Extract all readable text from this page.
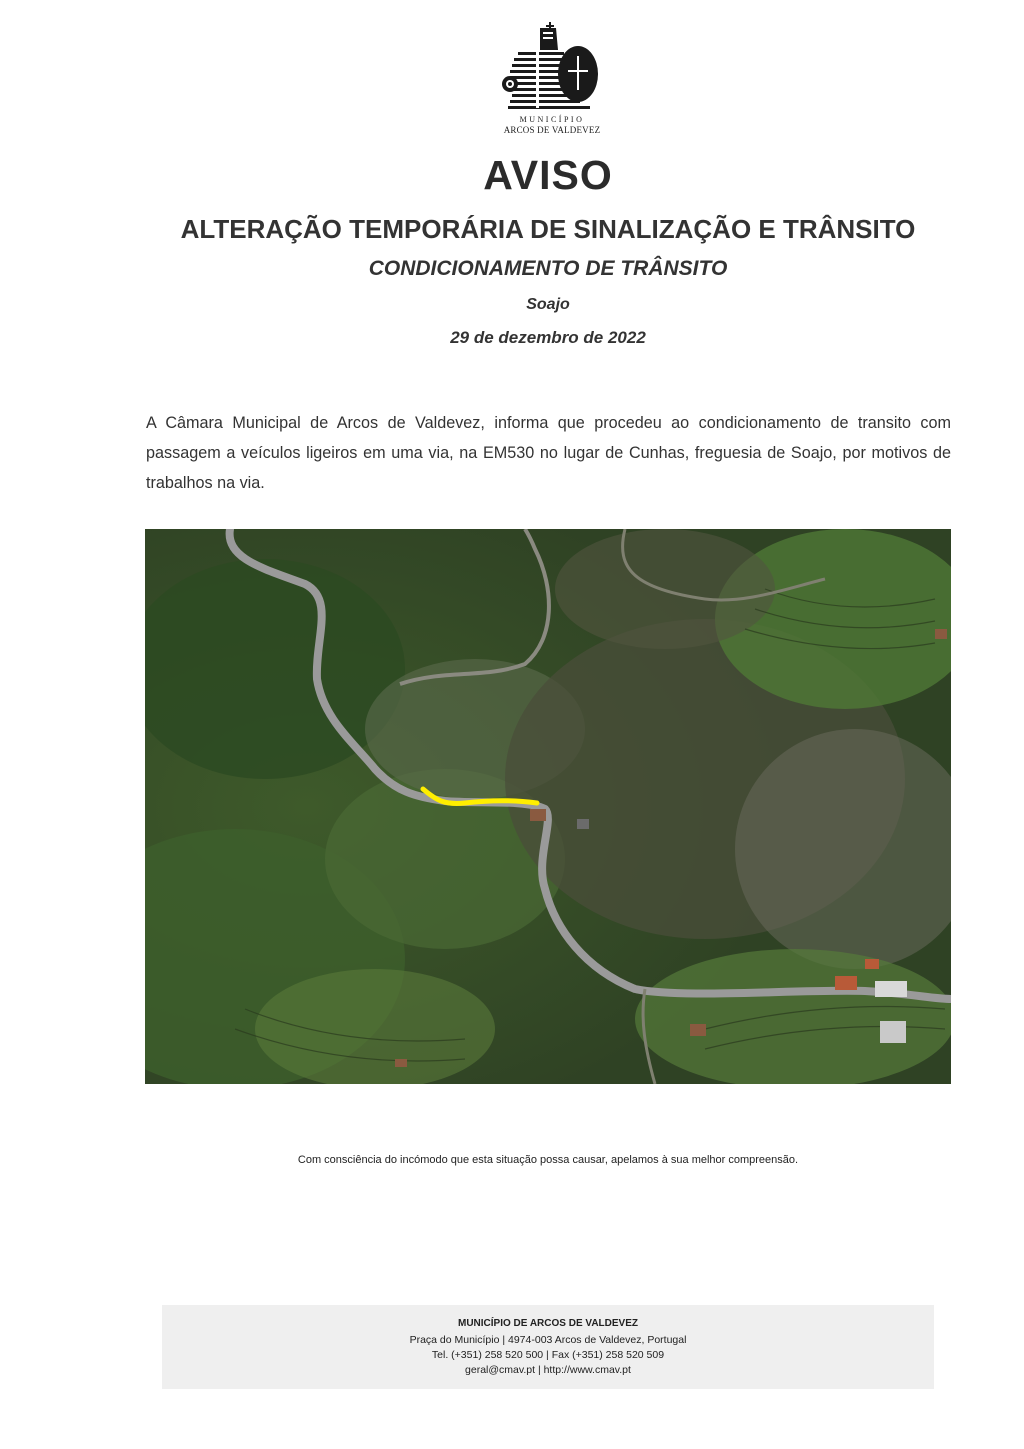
MUNICÍPIO
ARCOS DE VALDEVEZ
AVISO
ALTERAÇÃO TEMPORÁRIA DE SINALIZAÇÃO E TRÂNSITO
CONDICIONAMENTO DE TRÂNSITO
Soajo
29 de dezembro de 2022
A Câmara Municipal de Arcos de Valdevez, informa que procedeu ao condicionamento de transito com passagem a veículos ligeiros em uma via, na EM530 no lugar de Cunhas, freguesia de Soajo, por motivos de trabalhos na via.
Com consciência do incómodo que esta situação possa causar, apelamos à sua melhor compreensão.
MUNICÍPIO DE ARCOS DE VALDEVEZ
Praça do Município | 4974-003 Arcos de Valdevez, Portugal
Tel. (+351) 258 520 500 | Fax (+351) 258 520 509
geral@cmav.pt | http://www.cmav.pt
